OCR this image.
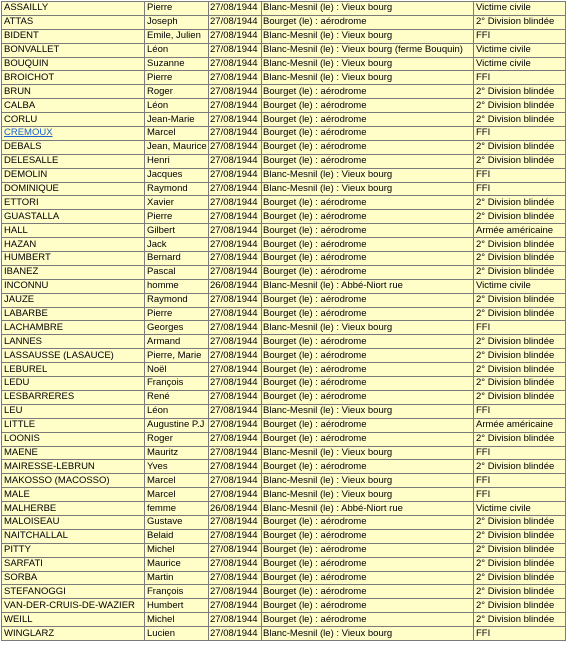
ASSAILLY	Pierre	27/08/1944	Blanc-Mesnil (le) : Vieux bourg	Victime civile
ATTAS	Joseph	27/08/1944	Bourget (le) : aérodrome	2° Division blindée
BIDENT	Emile, Julien	27/08/1944	Blanc-Mesnil (le) : Vieux bourg	FFI
BONVALLET	Léon	27/08/1944	Blanc-Mesnil (le) : Vieux bourg (ferme Bouquin)	Victime civile
BOUQUIN	Suzanne	27/08/1944	Blanc-Mesnil (le) : Vieux bourg	Victime civile
BROICHOT	Pierre	27/08/1944	Blanc-Mesnil (le) : Vieux bourg	FFI
BRUN	Roger	27/08/1944	Bourget (le) : aérodrome	2° Division blindée
CALBA	Léon	27/08/1944	Bourget (le) : aérodrome	2° Division blindée
CORLU	Jean-Marie	27/08/1944	Bourget (le) : aérodrome	2° Division blindée
CREMOUX	Marcel	27/08/1944	Bourget (le) : aérodrome	FFI
DEBALS	Jean, Maurice	27/08/1944	Bourget (le) : aérodrome	2° Division blindée
DELESALLE	Henri	27/08/1944	Bourget (le) : aérodrome	2° Division blindée
DEMOLIN	Jacques	27/08/1944	Blanc-Mesnil (le) : Vieux bourg	FFI
DOMINIQUE	Raymond	27/08/1944	Blanc-Mesnil (le) : Vieux bourg	FFI
ETTORI	Xavier	27/08/1944	Bourget (le) : aérodrome	2° Division blindée
GUASTALLA	Pierre	27/08/1944	Bourget (le) : aérodrome	2° Division blindée
HALL	Gilbert	27/08/1944	Bourget (le) : aérodrome	Armée américaine
HAZAN	Jack	27/08/1944	Bourget (le) : aérodrome	2° Division blindée
HUMBERT	Bernard	27/08/1944	Bourget (le) : aérodrome	2° Division blindée
IBANEZ	Pascal	27/08/1944	Bourget (le) : aérodrome	2° Division blindée
INCONNU	homme	26/08/1944	Blanc-Mesnil (le) : Abbé-Niort rue	Victime civile
JAUZE	Raymond	27/08/1944	Bourget (le) : aérodrome	2° Division blindée
LABARBE	Pierre	27/08/1944	Bourget (le) : aérodrome	2° Division blindée
LACHAMBRE	Georges	27/08/1944	Blanc-Mesnil (le) : Vieux bourg	FFI
LANNES	Armand	27/08/1944	Bourget (le) : aérodrome	2° Division blindée
LASSAUSSE (LASAUCE)	Pierre, Marie	27/08/1944	Bourget (le) : aérodrome	2° Division blindée
LEBUREL	Noël	27/08/1944	Bourget (le) : aérodrome	2° Division blindée
LEDU	François	27/08/1944	Bourget (le) : aérodrome	2° Division blindée
LESBARRERES	René	27/08/1944	Bourget (le) : aérodrome	2° Division blindée
LEU	Léon	27/08/1944	Blanc-Mesnil (le) : Vieux bourg	FFI
LITTLE	Augustine P.J	27/08/1944	Bourget (le) : aérodrome	Armée américaine
LOONIS	Roger	27/08/1944	Bourget (le) : aérodrome	2° Division blindée
MAENE	Mauritz	27/08/1944	Blanc-Mesnil (le) : Vieux bourg	FFI
MAIRESSE-LEBRUN	Yves	27/08/1944	Bourget (le) : aérodrome	2° Division blindée
MAKOSSO (MACOSSO)	Marcel	27/08/1944	Blanc-Mesnil (le) : Vieux bourg	FFI
MALE	Marcel	27/08/1944	Blanc-Mesnil (le) : Vieux bourg	FFI
MALHERBE	femme	26/08/1944	Blanc-Mesnil (le) : Abbé-Niort rue	Victime civile
MALOISEAU	Gustave	27/08/1944	Bourget (le) : aérodrome	2° Division blindée
NAITCHALLAL	Belaid	27/08/1944	Bourget (le) : aérodrome	2° Division blindée
PITTY	Michel	27/08/1944	Bourget (le) : aérodrome	2° Division blindée
SARFATI	Maurice	27/08/1944	Bourget (le) : aérodrome	2° Division blindée
SORBA	Martin	27/08/1944	Bourget (le) : aérodrome	2° Division blindée
STEFANOGGI	François	27/08/1944	Bourget (le) : aérodrome	2° Division blindée
VAN-DER-CRUIS-DE-WAZIER	Humbert	27/08/1944	Bourget (le) : aérodrome	2° Division blindée
WEILL	Michel	27/08/1944	Bourget (le) : aérodrome	2° Division blindée
WINGLARZ	Lucien	27/08/1944	Blanc-Mesnil (le) : Vieux bourg	FFI
